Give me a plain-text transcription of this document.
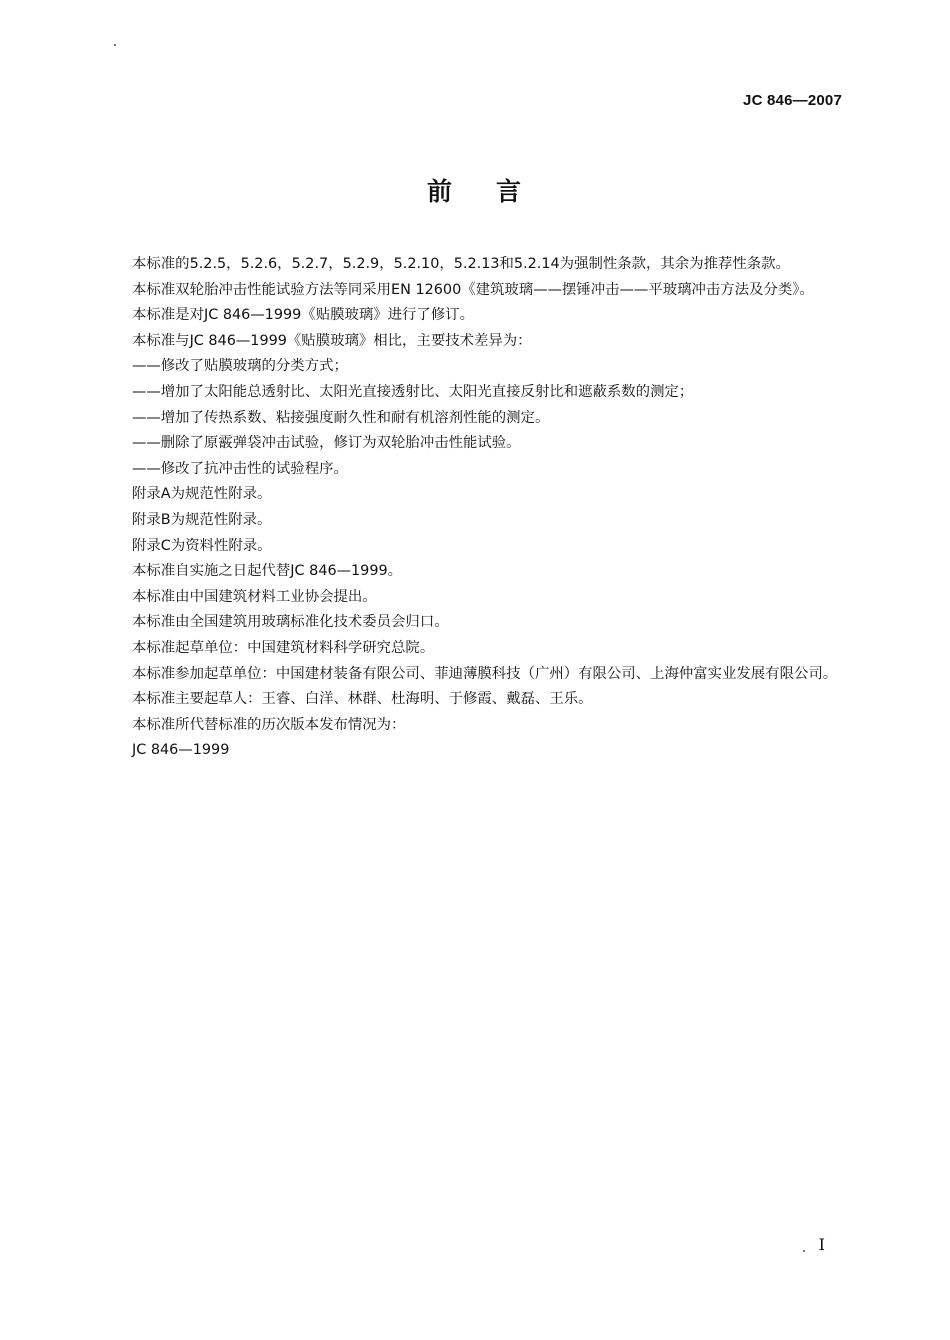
JC 846—2007
前 言

本标准的5.2.5，5.2.6，5.2.7，5.2.9，5.2.10，5.2.13和5.2.14为强制性条款，其余为推荐性条款。

本标准双轮胎冲击性能试验方法等同采用EN 12600《建筑玻璃——摆锤冲击——平玻璃冲击方法及分类》。

本标准是对JC 846—1999《贴膜玻璃》进行了修订。

本标准与JC 846—1999《贴膜玻璃》相比，主要技术差异为：

——修改了贴膜玻璃的分类方式；

——增加了太阳能总透射比、太阳光直接透射比、太阳光直接反射比和遮蔽系数的测定；

——增加了传热系数、粘接强度耐久性和耐有机溶剂性能的测定。

——删除了原霰弹袋冲击试验，修订为双轮胎冲击性能试验。

——修改了抗冲击性的试验程序。

附录A为规范性附录。

附录B为规范性附录。

附录C为资料性附录。

本标准自实施之日起代替JC 846—1999。

本标准由中国建筑材料工业协会提出。

本标准由全国建筑用玻璃标准化技术委员会归口。

本标准起草单位：中国建筑材料科学研究总院。

本标准参加起草单位：中国建材装备有限公司、菲迪薄膜科技（广州）有限公司、上海仲富实业发展有限公司。

本标准主要起草人：王睿、白洋、林群、杜海明、于修霞、戴磊、王乐。

本标准所代替标准的历次版本发布情况为：

JC 846—1999

I
